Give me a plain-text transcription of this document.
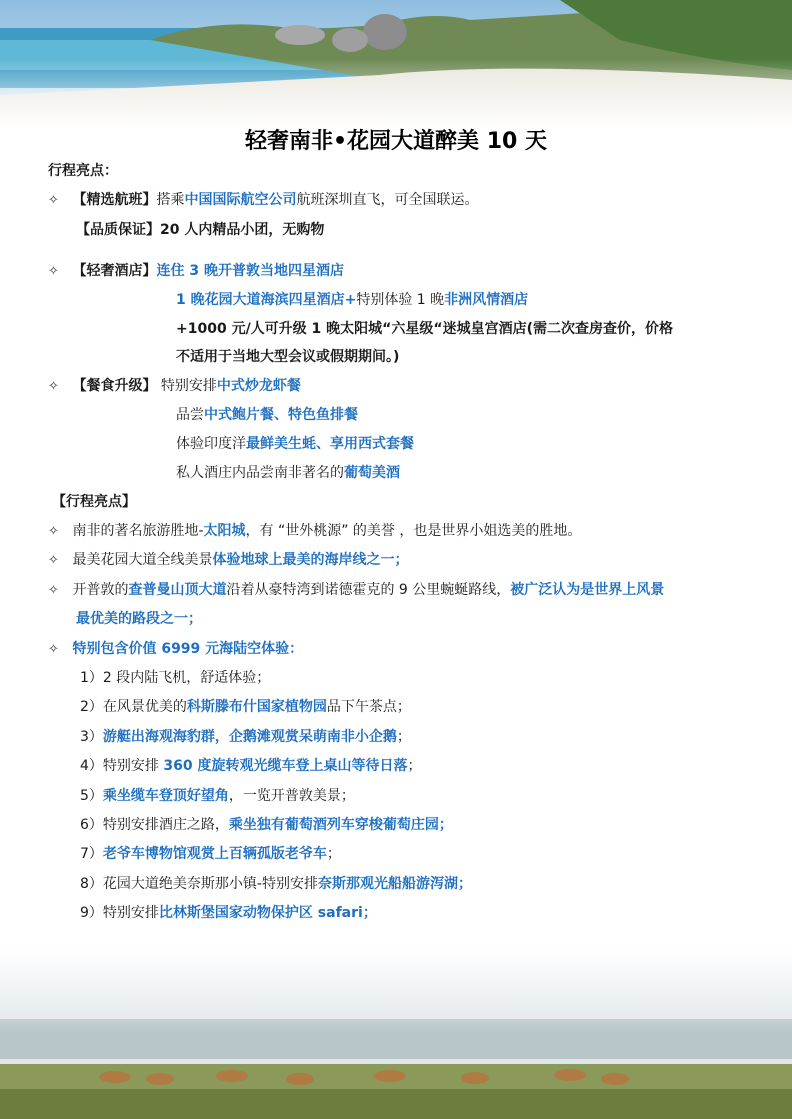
轻奢南非•花园大道醉美 10 天
行程亮点：
✧ 【精选航班】搭乘中国国际航空公司航班深圳直飞，可全国联运。
【品质保证】20 人内精品小团，无购物
✧ 【轻奢酒店】连住 3 晚开普敦当地四星酒店
1 晚花园大道海滨四星酒店+特别体验 1 晚非洲风情酒店
+1000 元/人可升级 1 晚太阳城“六星级“迷城皇宫酒店(需二次查房查价，价格
不适用于当地大型会议或假期期间。)
✧ 【餐食升级】 特别安排中式炒龙虾餐
品尝中式鲍片餐、特色鱼排餐
体验印度洋最鲜美生蚝、享用西式套餐
私人酒庄内品尝南非著名的葡萄美酒
【行程亮点】
✧ 南非的著名旅游胜地-太阳城，有 “世外桃源” 的美誉 ，也是世界小姐选美的胜地。
✧ 最美花园大道全线美景体验地球上最美的海岸线之一；
✧ 开普敦的查普曼山顶大道沿着从豪特湾到诺德霍克的 9 公里蜿蜒路线，被广泛认为是世界上风景
最优美的路段之一；
✧ 特别包含价值 6999 元海陆空体验：
1）2 段内陆飞机，舒适体验；
2）在风景优美的科斯滕布什国家植物园品下午茶点；
3）游艇出海观海豹群，企鹅滩观赏呆萌南非小企鹅；
4）特别安排 360 度旋转观光缆车登上桌山等待日落；
5）乘坐缆车登顶好望角，一览开普敦美景；
6）特别安排酒庄之路，乘坐独有葡萄酒列车穿梭葡萄庄园；
7）老爷车博物馆观赏上百辆孤版老爷车；
8）花园大道绝美奈斯那小镇-特别安排奈斯那观光船船游泻湖；
9）特别安排比林斯堡国家动物保护区 safari；
